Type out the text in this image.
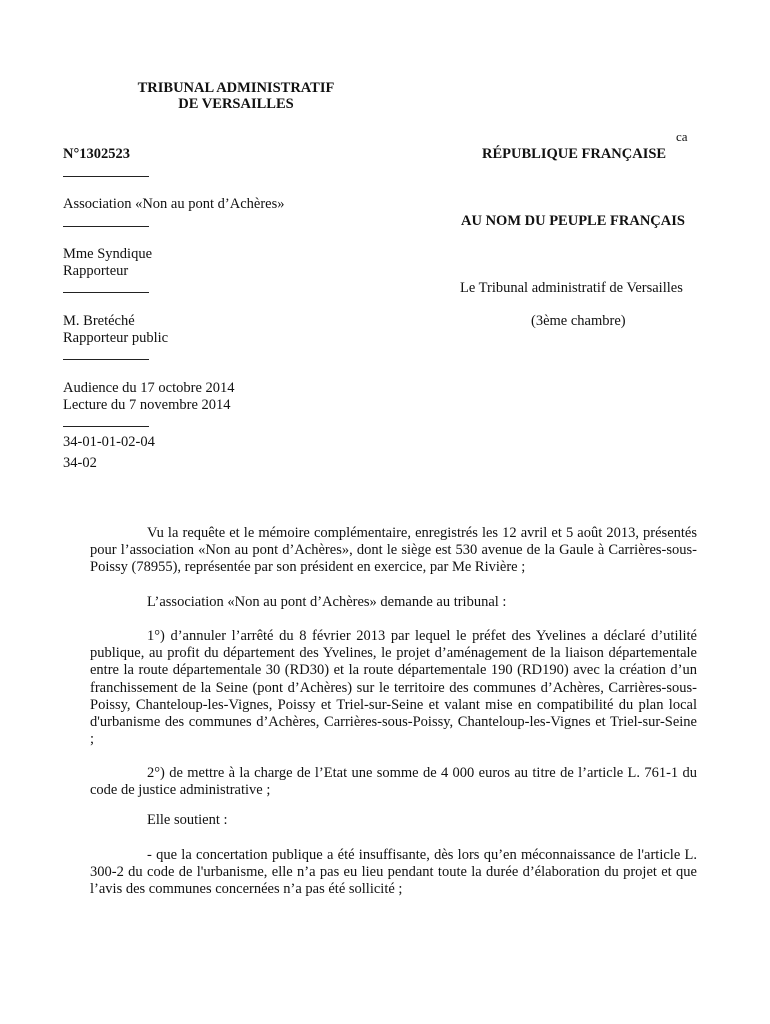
TRIBUNAL ADMINISTRATIF
DE VERSAILLES
ca
N°1302523	RÉPUBLIQUE FRANÇAISE
Association «Non au pont d’Achères»
AU NOM DU PEUPLE FRANÇAIS
Mme Syndique
Rapporteur
Le Tribunal administratif de Versailles
M. Bretéché
Rapporteur public
(3ème chambre)
Audience du 17 octobre 2014
Lecture du 7 novembre 2014
34-01-01-02-04
34-02

Vu la requête et le mémoire complémentaire, enregistrés les 12 avril et 5 août 2013, présentés pour l’association «Non au pont d’Achères», dont le siège est 530 avenue de la Gaule à Carrières-sous-Poissy (78955), représentée par son président en exercice, par Me Rivière ;

L’association «Non au pont d’Achères» demande au tribunal :

1°) d’annuler l’arrêté du 8 février 2013 par lequel le préfet des Yvelines a déclaré d’utilité publique, au profit du département des Yvelines, le projet d’aménagement de la liaison départementale entre la route départementale 30 (RD30) et la route départementale 190 (RD190) avec la création d’un franchissement de la Seine (pont d’Achères) sur le territoire des communes d’Achères, Carrières-sous-Poissy, Chanteloup-les-Vignes, Poissy et Triel-sur-Seine et valant mise en compatibilité du plan local d'urbanisme des communes d’Achères, Carrières-sous-Poissy, Chanteloup-les-Vignes et Triel-sur-Seine ;

2°) de mettre à la charge de l’Etat une somme de 4 000 euros au titre de l’article L. 761-1 du code de justice administrative ;

Elle soutient :

- que la concertation publique a été insuffisante, dès lors qu’en méconnaissance de l'article L. 300-2 du code de l'urbanisme, elle n’a pas eu lieu pendant toute la durée d’élaboration du projet et que l’avis des communes concernées n’a pas été sollicité ;
